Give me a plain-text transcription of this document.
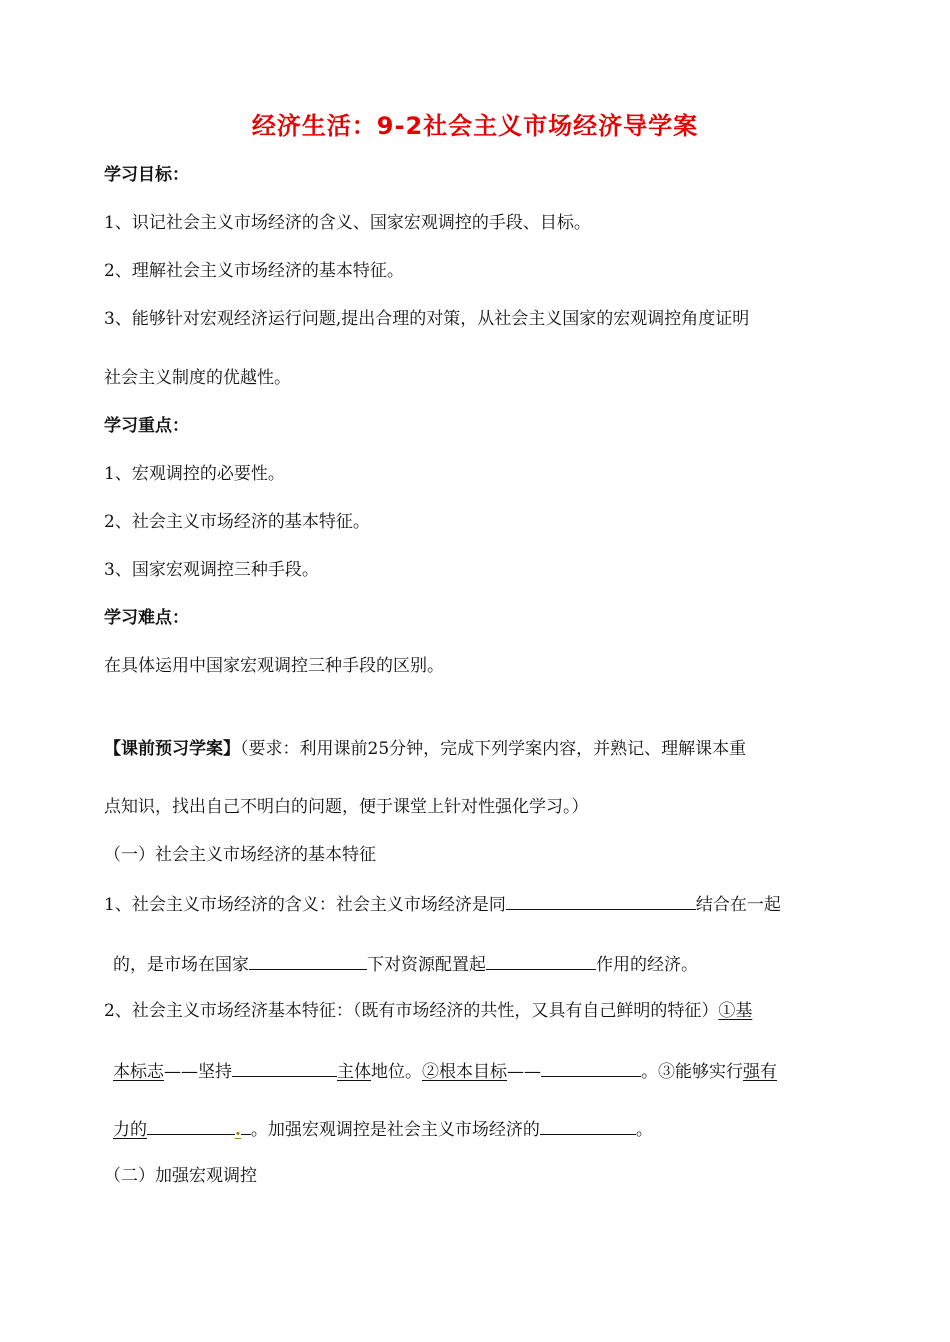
经济生活：9-2社会主义市场经济导学案
学习目标：
1、识记社会主义市场经济的含义、国家宏观调控的手段、目标。
2、理解社会主义市场经济的基本特征。
3、能够针对宏观经济运行问题,提出合理的对策，从社会主义国家的宏观调控角度证明
社会主义制度的优越性。
学习重点：
1、宏观调控的必要性。
2、社会主义市场经济的基本特征。
3、国家宏观调控三种手段。
学习难点：
在具体运用中国家宏观调控三种手段的区别。
【课前预习学案】（要求：利用课前25分钟，完成下列学案内容，并熟记、理解课本重
点知识，找出自己不明白的问题，便于课堂上针对性强化学习。）
（一）社会主义市场经济的基本特征
1、社会主义市场经济的含义：社会主义市场经济是同	结合在一起
的，是市场在国家	下对资源配置起	作用的经济。
2、社会主义市场经济基本特征：（既有市场经济的共性，又具有自己鲜明的特征）①基
本标志——坚持	主体地位。②根本目标——	。③能够实行强有
力的	. 。加强宏观调控是社会主义市场经济的	。
（二）加强宏观调控
